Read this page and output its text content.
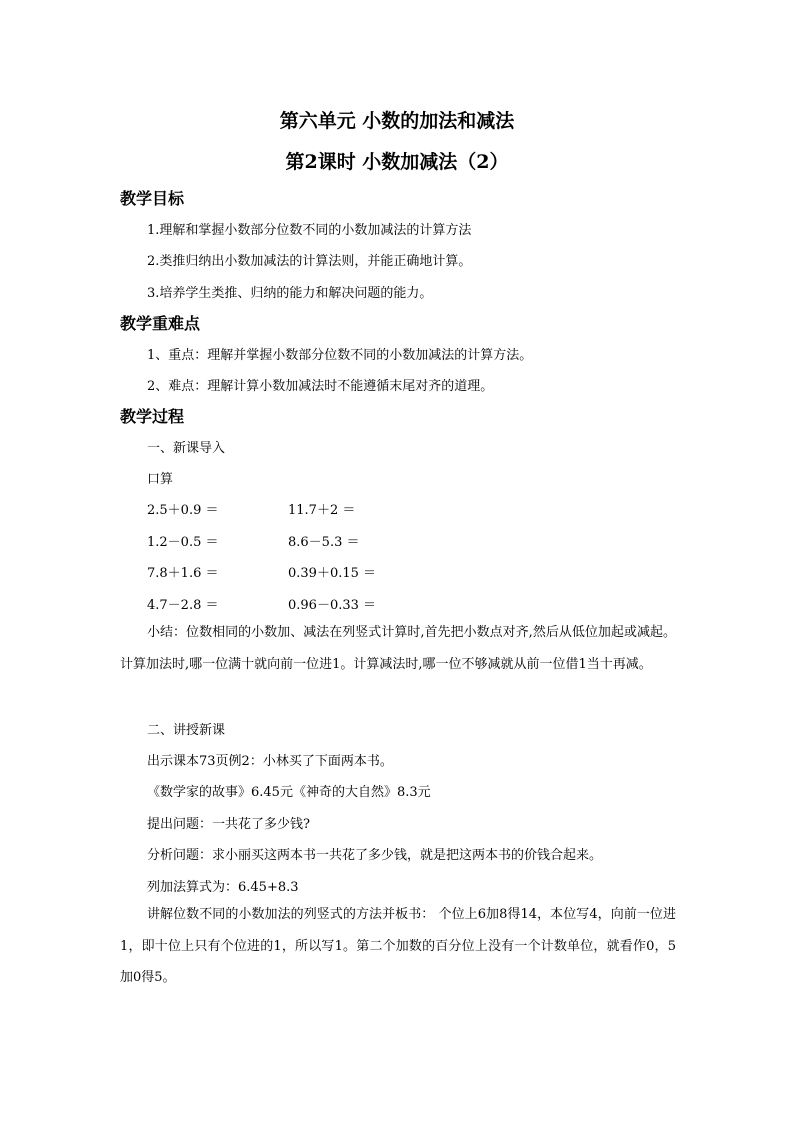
第六单元 小数的加法和减法
第2课时 小数加减法（2）
教学目标
1.理解和掌握小数部分位数不同的小数加减法的计算方法
2.类推归纳出小数加减法的计算法则，并能正确地计算。
3.培养学生类推、归纳的能力和解决问题的能力。
教学重难点
1、重点：理解并掌握小数部分位数不同的小数加减法的计算方法。
2、难点：理解计算小数加减法时不能遵循末尾对齐的道理。
教学过程
一、新课导入
口算
2.5＋0.9 ＝	11.7＋2 ＝
1.2－0.5 ＝	8.6－5.3 ＝
7.8＋1.6 ＝	0.39＋0.15 ＝
4.7－2.8 ＝	0.96－0.33 ＝

小结：位数相同的小数加、减法在列竖式计算时,首先把小数点对齐,然后从低位加起或减起。计算加法时,哪一位满十就向前一位进1。计算减法时,哪一位不够减就从前一位借1当十再减。

二、讲授新课
出示课本73页例2：小林买了下面两本书。
《数学家的故事》6.45元《神奇的大自然》8.3元
提出问题：一共花了多少钱?
分析问题：求小丽买这两本书一共花了多少钱，就是把这两本书的价钱合起来。
列加法算式为：6.45+8.3

讲解位数不同的小数加法的列竖式的方法并板书： 个位上6加8得14，本位写4，向前一位进1，即十位上只有个位进的1，所以写1。第二个加数的百分位上没有一个计数单位，就看作0，5加0得5。
